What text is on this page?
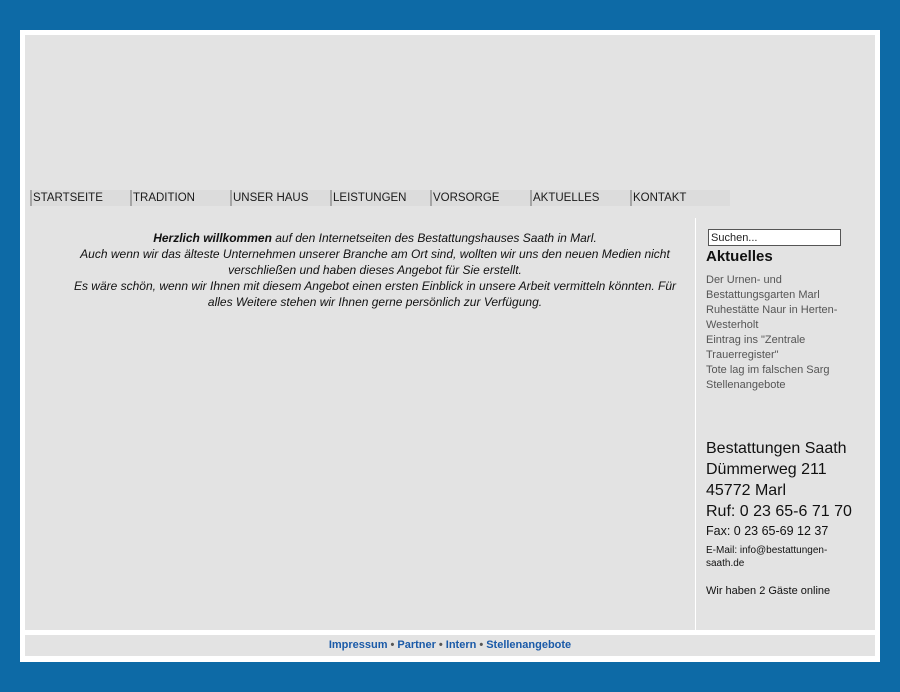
STARTSEITE	TRADITION	UNSER HAUS	LEISTUNGEN	VORSORGE	AKTUELLES	KONTAKT
Herzlich willkommen auf den Internetseiten des Bestattungshauses Saath in Marl.
Auch wenn wir das älteste Unternehmen unserer Branche am Ort sind, wollten wir uns den neuen Medien nicht verschließen und haben dieses Angebot für Sie erstellt.
Es wäre schön, wenn wir Ihnen mit diesem Angebot einen ersten Einblick in unsere Arbeit vermitteln könnten. Für alles Weitere stehen wir Ihnen gerne persönlich zur Verfügung.
Suchen...
Aktuelles
Der Urnen- und Bestattungsgarten Marl
Ruhestätte Naur in Herten-Westerholt
Eintrag ins "Zentrale Trauerregister"
Tote lag im falschen Sarg
Stellenangebote
Bestattungen Saath
Dümmerweg 211
45772 Marl
Ruf: 0 23 65-6 71 70
Fax: 0 23 65-69 12 37
E-Mail: info@bestattungen-saath.de
Wir haben 2 Gäste online
Impressum • Partner • Intern • Stellenangebote
